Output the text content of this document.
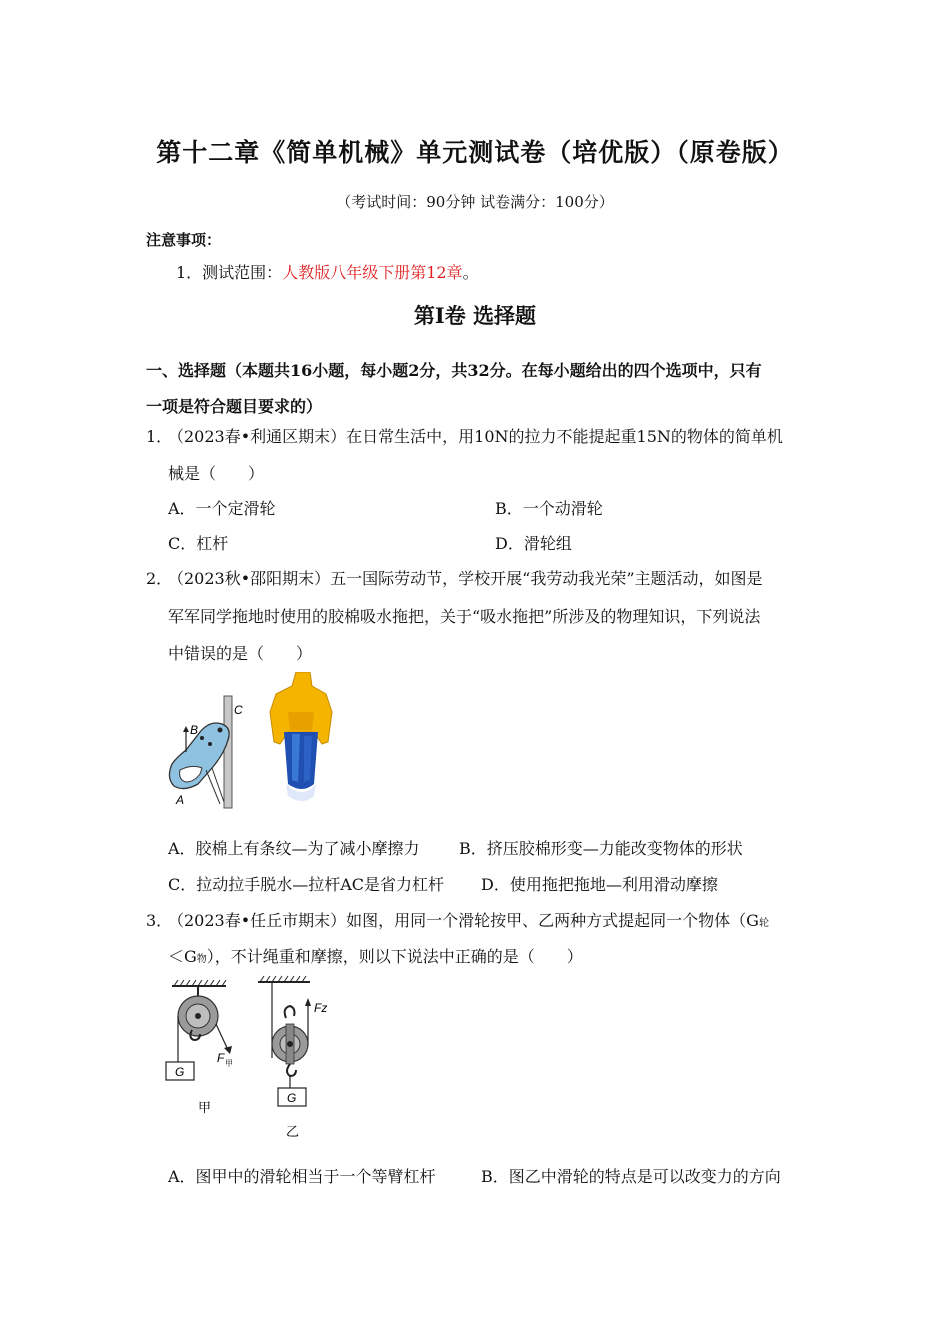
第十二章《简单机械》单元测试卷（培优版）（原卷版）
（考试时间：90分钟 试卷满分：100分）
注意事项：
1．测试范围：人教版八年级下册第12章。
第Ⅰ卷 选择题
一、选择题（本题共16小题，每小题2分，共32分。在每小题给出的四个选项中，只有
一项是符合题目要求的）
1．
（2023春•利通区期末）在日常生活中，用10N的拉力不能提起重15N的物体的简单机
械是（　　）
A．一个定滑轮	B．一个动滑轮
C．杠杆	D．滑轮组
2．
（2023秋•邵阳期末）五一国际劳动节，学校开展“我劳动我光荣”主题活动，如图是
军军同学拖地时使用的胶棉吸水拖把，关于“吸水拖把”所涉及的物理知识，下列说法
中错误的是（　　）
B
C
A
A．胶棉上有条纹—为了减小摩擦力 B．挤压胶棉形变—力能改变物体的形状
C．拉动拉手脱水—拉杆AC是省力杠杆 D．使用拖把拖地—利用滑动摩擦
3．
（2023春•任丘市期末）如图，用同一个滑轮按甲、乙两种方式提起同一个物体（G轮
＜G物），不计绳重和摩擦，则以下说法中正确的是（　　）
G
F 甲
甲
G
Fz
乙
A．图甲中的滑轮相当于一个等臂杠杆	B．图乙中滑轮的特点是可以改变力的方向
